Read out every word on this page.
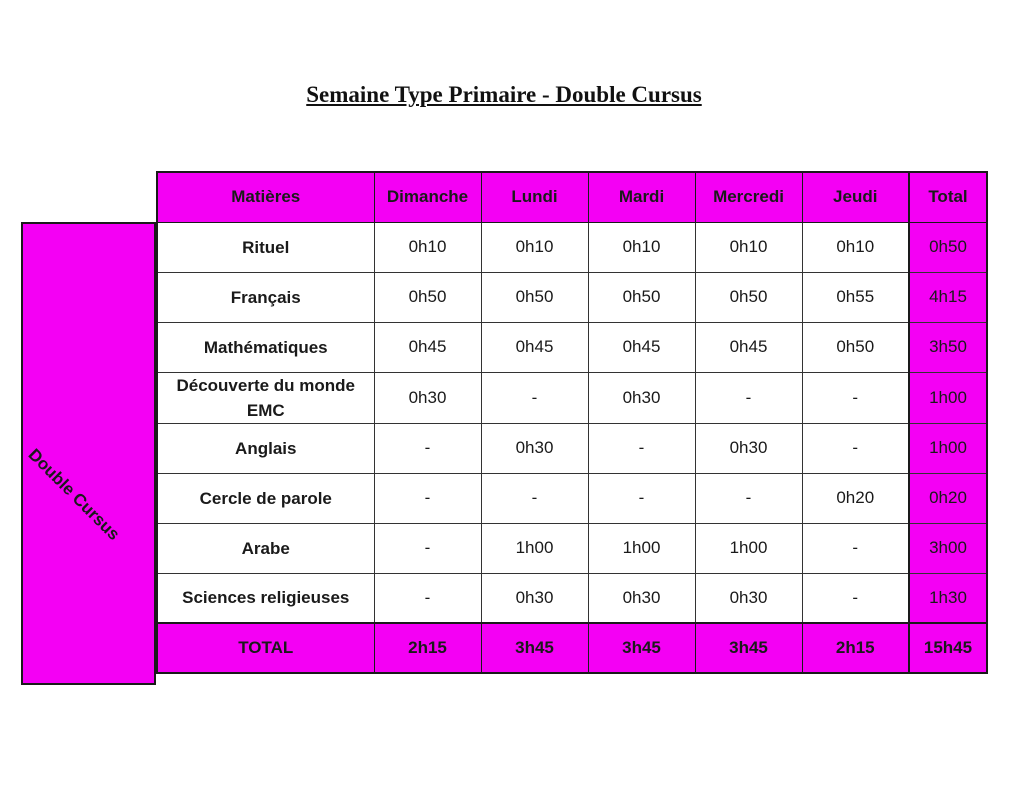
Semaine Type Primaire - Double Cursus
Double Cursus
Matières	Dimanche	Lundi	Mardi	Mercredi	Jeudi	Total
Rituel	0h10	0h10	0h10	0h10	0h10	0h50
Français	0h50	0h50	0h50	0h50	0h55	4h15
Mathématiques	0h45	0h45	0h45	0h45	0h50	3h50
Découverte du monde
EMC	0h30	-	0h30	-	-	1h00
Anglais	-	0h30	-	0h30	-	1h00
Cercle de parole	-	-	-	-	0h20	0h20
Arabe	-	1h00	1h00	1h00	-	3h00
Sciences religieuses	-	0h30	0h30	0h30	-	1h30
TOTAL	2h15	3h45	3h45	3h45	2h15	15h45
